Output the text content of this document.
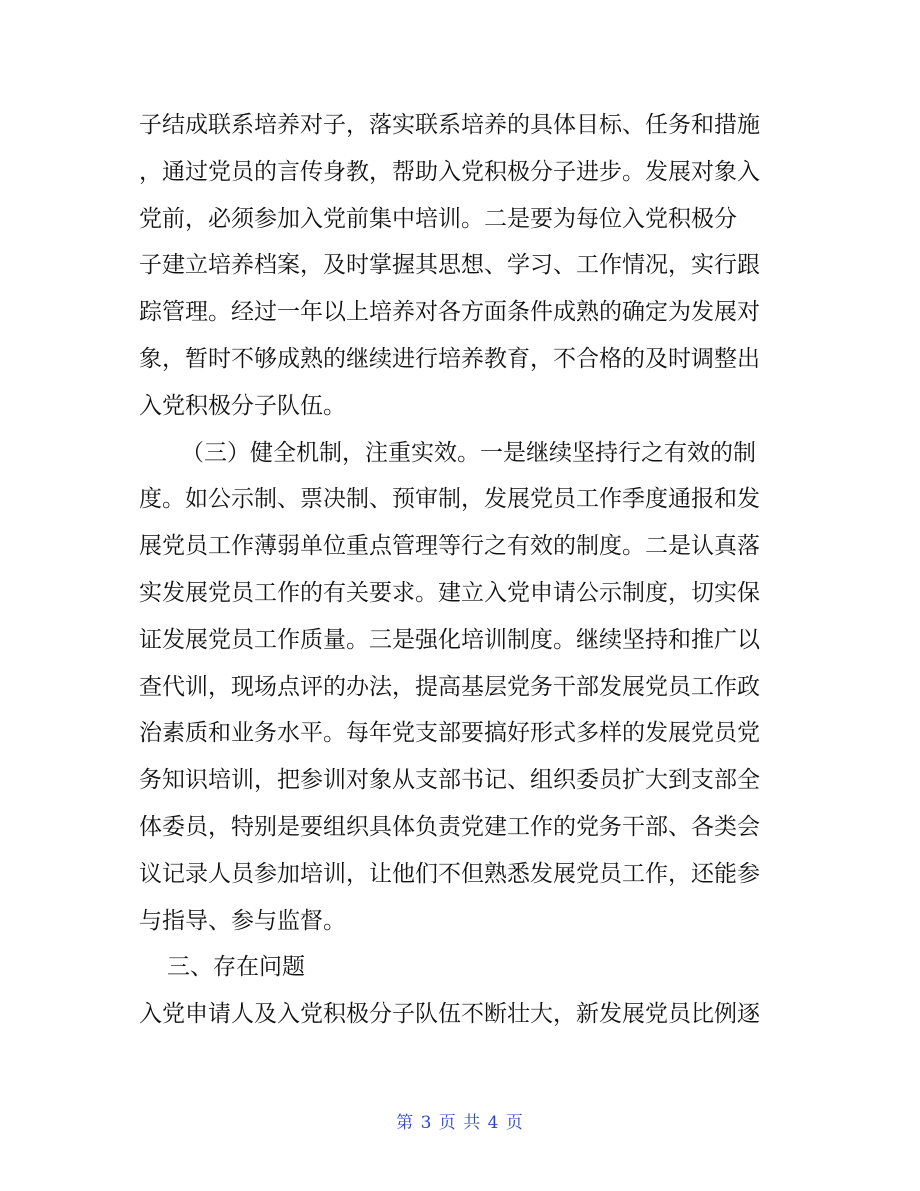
子结成联系培养对子，落实联系培养的具体目标、任务和措施
，通过党员的言传身教，帮助入党积极分子进步。发展对象入
党前，必须参加入党前集中培训。二是要为每位入党积极分
子建立培养档案，及时掌握其思想、学习、工作情况，实行跟
踪管理。经过一年以上培养对各方面条件成熟的确定为发展对
象，暂时不够成熟的继续进行培养教育，不合格的及时调整出
入党积极分子队伍。
（三）健全机制，注重实效。一是继续坚持行之有效的制
度。如公示制、票决制、预审制，发展党员工作季度通报和发
展党员工作薄弱单位重点管理等行之有效的制度。二是认真落
实发展党员工作的有关要求。建立入党申请公示制度，切实保
证发展党员工作质量。三是强化培训制度。继续坚持和推广以
查代训，现场点评的办法，提高基层党务干部发展党员工作政
治素质和业务水平。每年党支部要搞好形式多样的发展党员党
务知识培训，把参训对象从支部书记、组织委员扩大到支部全
体委员，特别是要组织具体负责党建工作的党务干部、各类会
议记录人员参加培训，让他们不但熟悉发展党员工作，还能参
与指导、参与监督。
三、存在问题
入党申请人及入党积极分子队伍不断壮大，新发展党员比例逐
第 3 页 共 4 页
